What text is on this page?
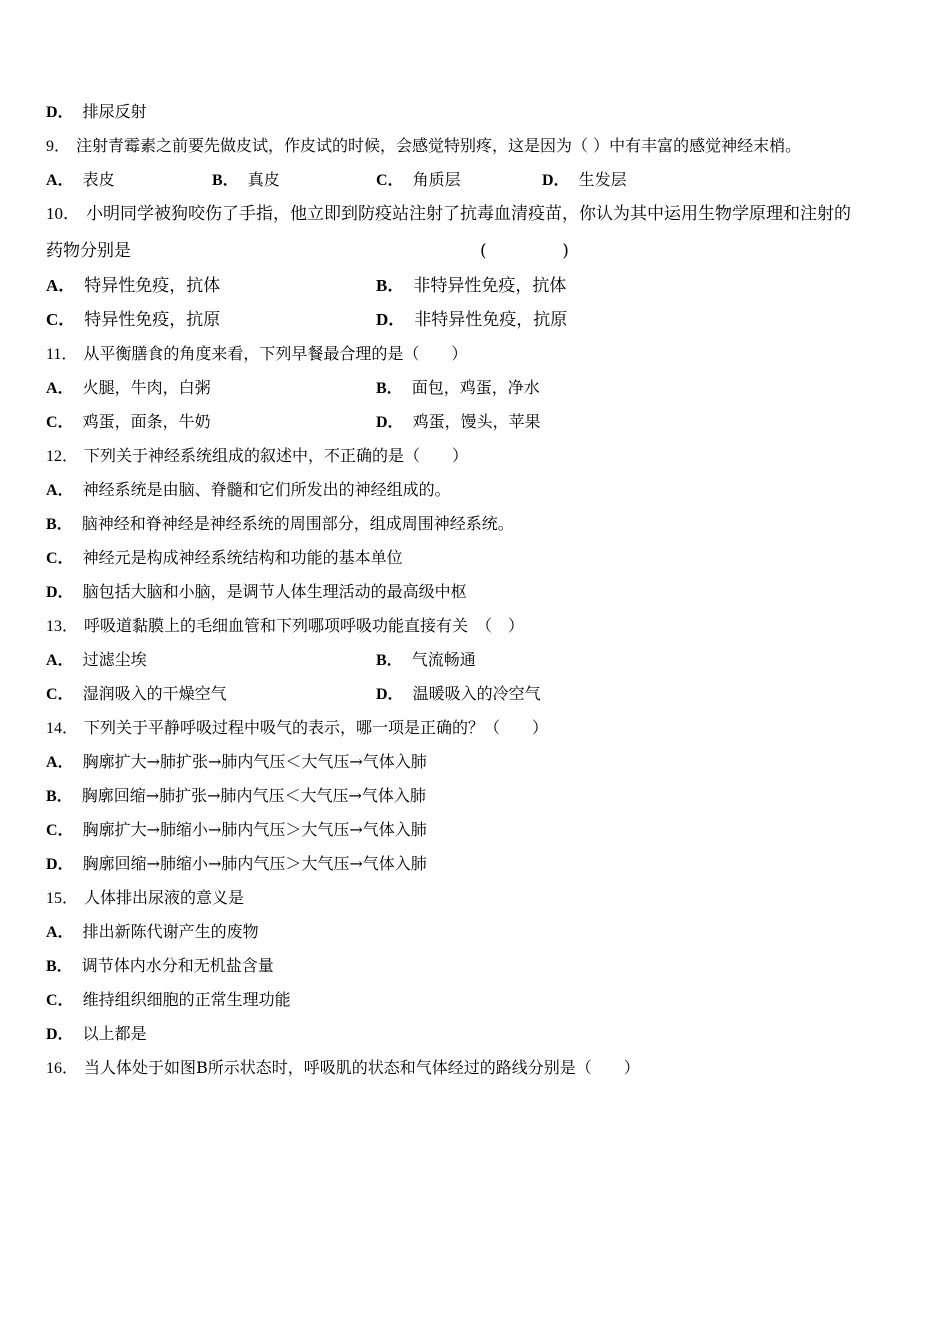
D． 排尿反射
9． 注射青霉素之前要先做皮试，作皮试的时候，会感觉特别疼，这是因为（ ）中有丰富的感觉神经末梢。
A． 表皮	B． 真皮	C． 角质层	D． 生发层
10． 小明同学被狗咬伤了手指，他立即到防疫站注射了抗毒血清疫苗，你认为其中运用生物学原理和注射的
药物分别是	(              )
A． 特异性免疫，抗体	B． 非特异性免疫，抗体
C． 特异性免疫，抗原	D． 非特异性免疫，抗原
11． 从平衡膳食的角度来看，下列早餐最合理的是（　　）
A． 火腿，牛肉，白粥	B． 面包，鸡蛋，净水
C． 鸡蛋，面条，牛奶	D． 鸡蛋，馒头，苹果
12． 下列关于神经系统组成的叙述中，不正确的是（　　）
A． 神经系统是由脑、脊髓和它们所发出的神经组成的。
B． 脑神经和脊神经是神经系统的周围部分，组成周围神经系统。
C． 神经元是构成神经系统结构和功能的基本单位
D． 脑包括大脑和小脑，是调节人体生理活动的最高级中枢
13． 呼吸道黏膜上的毛细血管和下列哪项呼吸功能直接有关　（　）
A． 过滤尘埃	B． 气流畅通
C． 湿润吸入的干燥空气	D． 温暖吸入的冷空气
14． 下列关于平静呼吸过程中吸气的表示，哪一项是正确的？（　　）
A． 胸廓扩大→肺扩张→肺内气压＜大气压→气体入肺
B． 胸廓回缩→肺扩张→肺内气压＜大气压→气体入肺
C． 胸廓扩大→肺缩小→肺内气压＞大气压→气体入肺
D． 胸廓回缩→肺缩小→肺内气压＞大气压→气体入肺
15． 人体排出尿液的意义是
A． 排出新陈代谢产生的废物
B． 调节体内水分和无机盐含量
C． 维持组织细胞的正常生理功能
D． 以上都是
16． 当人体处于如图B所示状态时，呼吸肌的状态和气体经过的路线分别是（　　）
